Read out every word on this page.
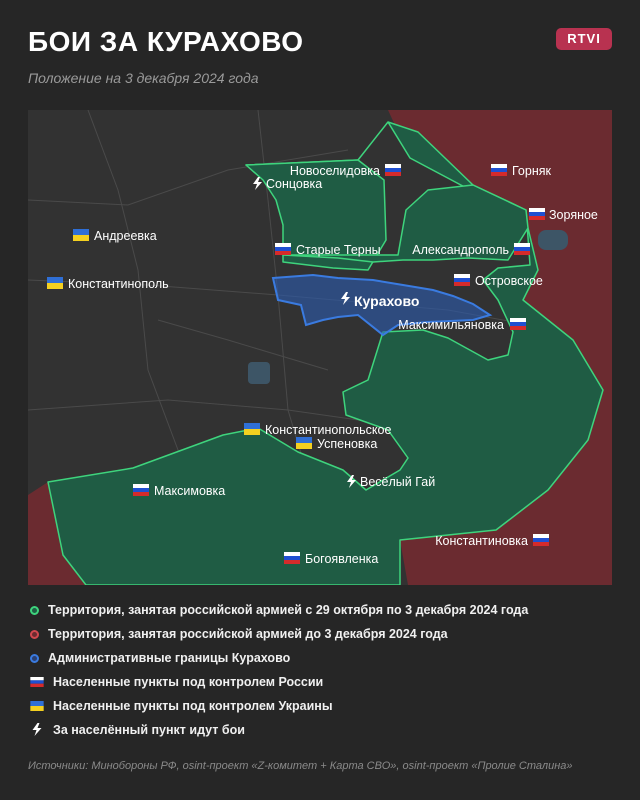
БОИ ЗА КУРАХОВО

Положение на 3 декабря 2024 года

RTVI
Новоселидовка	Горняк
Сонцовка
Зоряное
Андреевка
Старые Терны	Александрополь
Константинополь	Островское
Курахово
Максимильяновка
Константинопольское
Успеновка
Максимовка
Весёлый Гай
Константиновка
Богоявленка
Территория, занятая российской армией с 29 октября по 3 декабря 2024 года
Территория, занятая российской армией до 3 декабря 2024 года
Административные границы Курахово
Населенные пункты под контролем России
Населенные пункты под контролем Украины
За населённый пункт идут бои
Источники: Минобороны РФ, osint-проект «Z-комитет + Карта СВО», osint-проект «Пролие Сталина»
